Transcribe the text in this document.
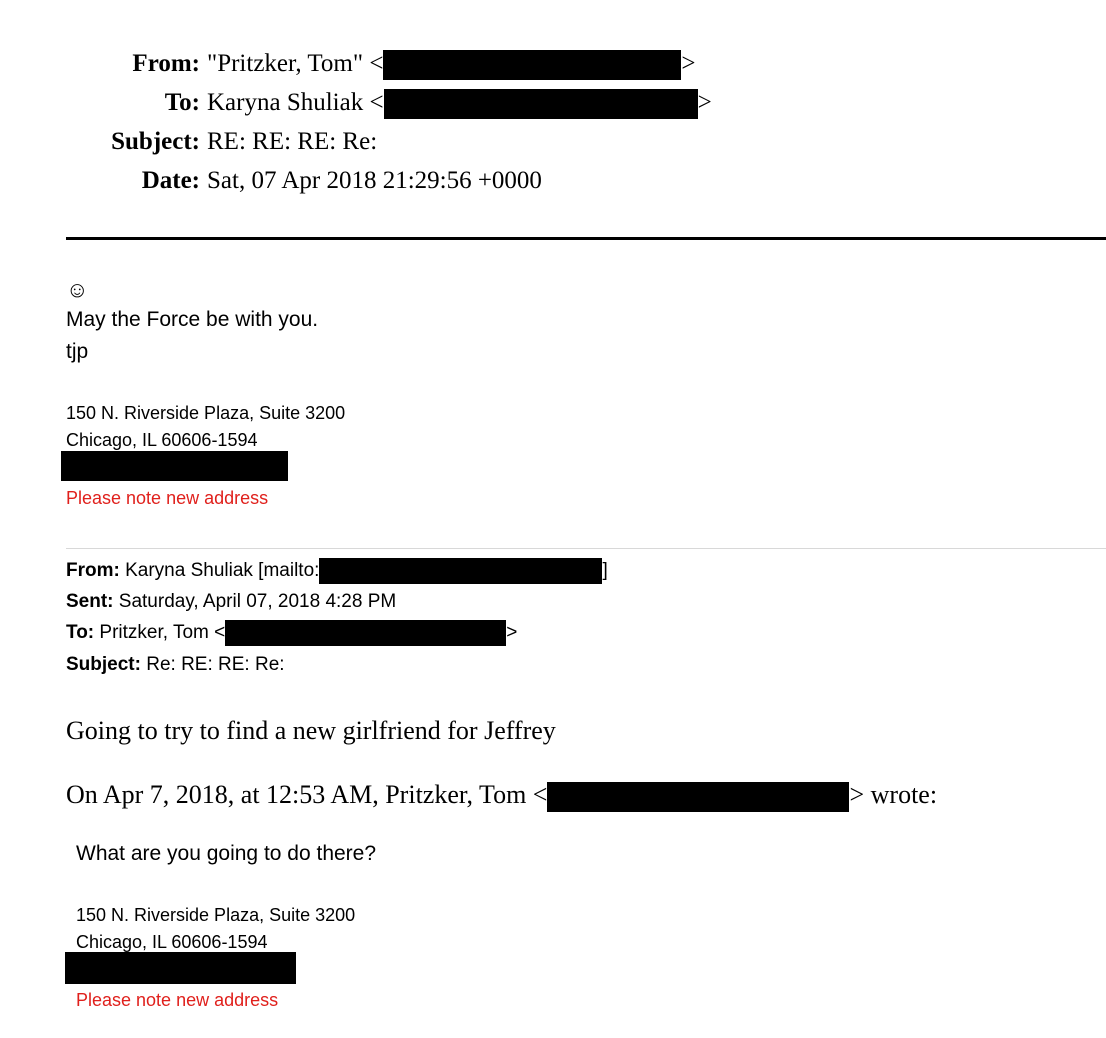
From: "Pritzker, Tom" <	>
To: Karyna Shuliak <	>
Subject: RE: RE: RE: Re:
Date: Sat, 07 Apr 2018 21:29:56 +0000
☺
May the Force be with you.
tjp
150 N. Riverside Plaza, Suite 3200
Chicago, IL 60606-1594
Please note new address
From: Karyna Shuliak [mailto:	]
Sent: Saturday, April 07, 2018 4:28 PM
To: Pritzker, Tom <	>
Subject: Re: RE: RE: Re:
Going to try to find a new girlfriend for Jeffrey
On Apr 7, 2018, at 12:53 AM, Pritzker, Tom <	> wrote:
What are you going to do there?
150 N. Riverside Plaza, Suite 3200
Chicago, IL 60606-1594
Please note new address
